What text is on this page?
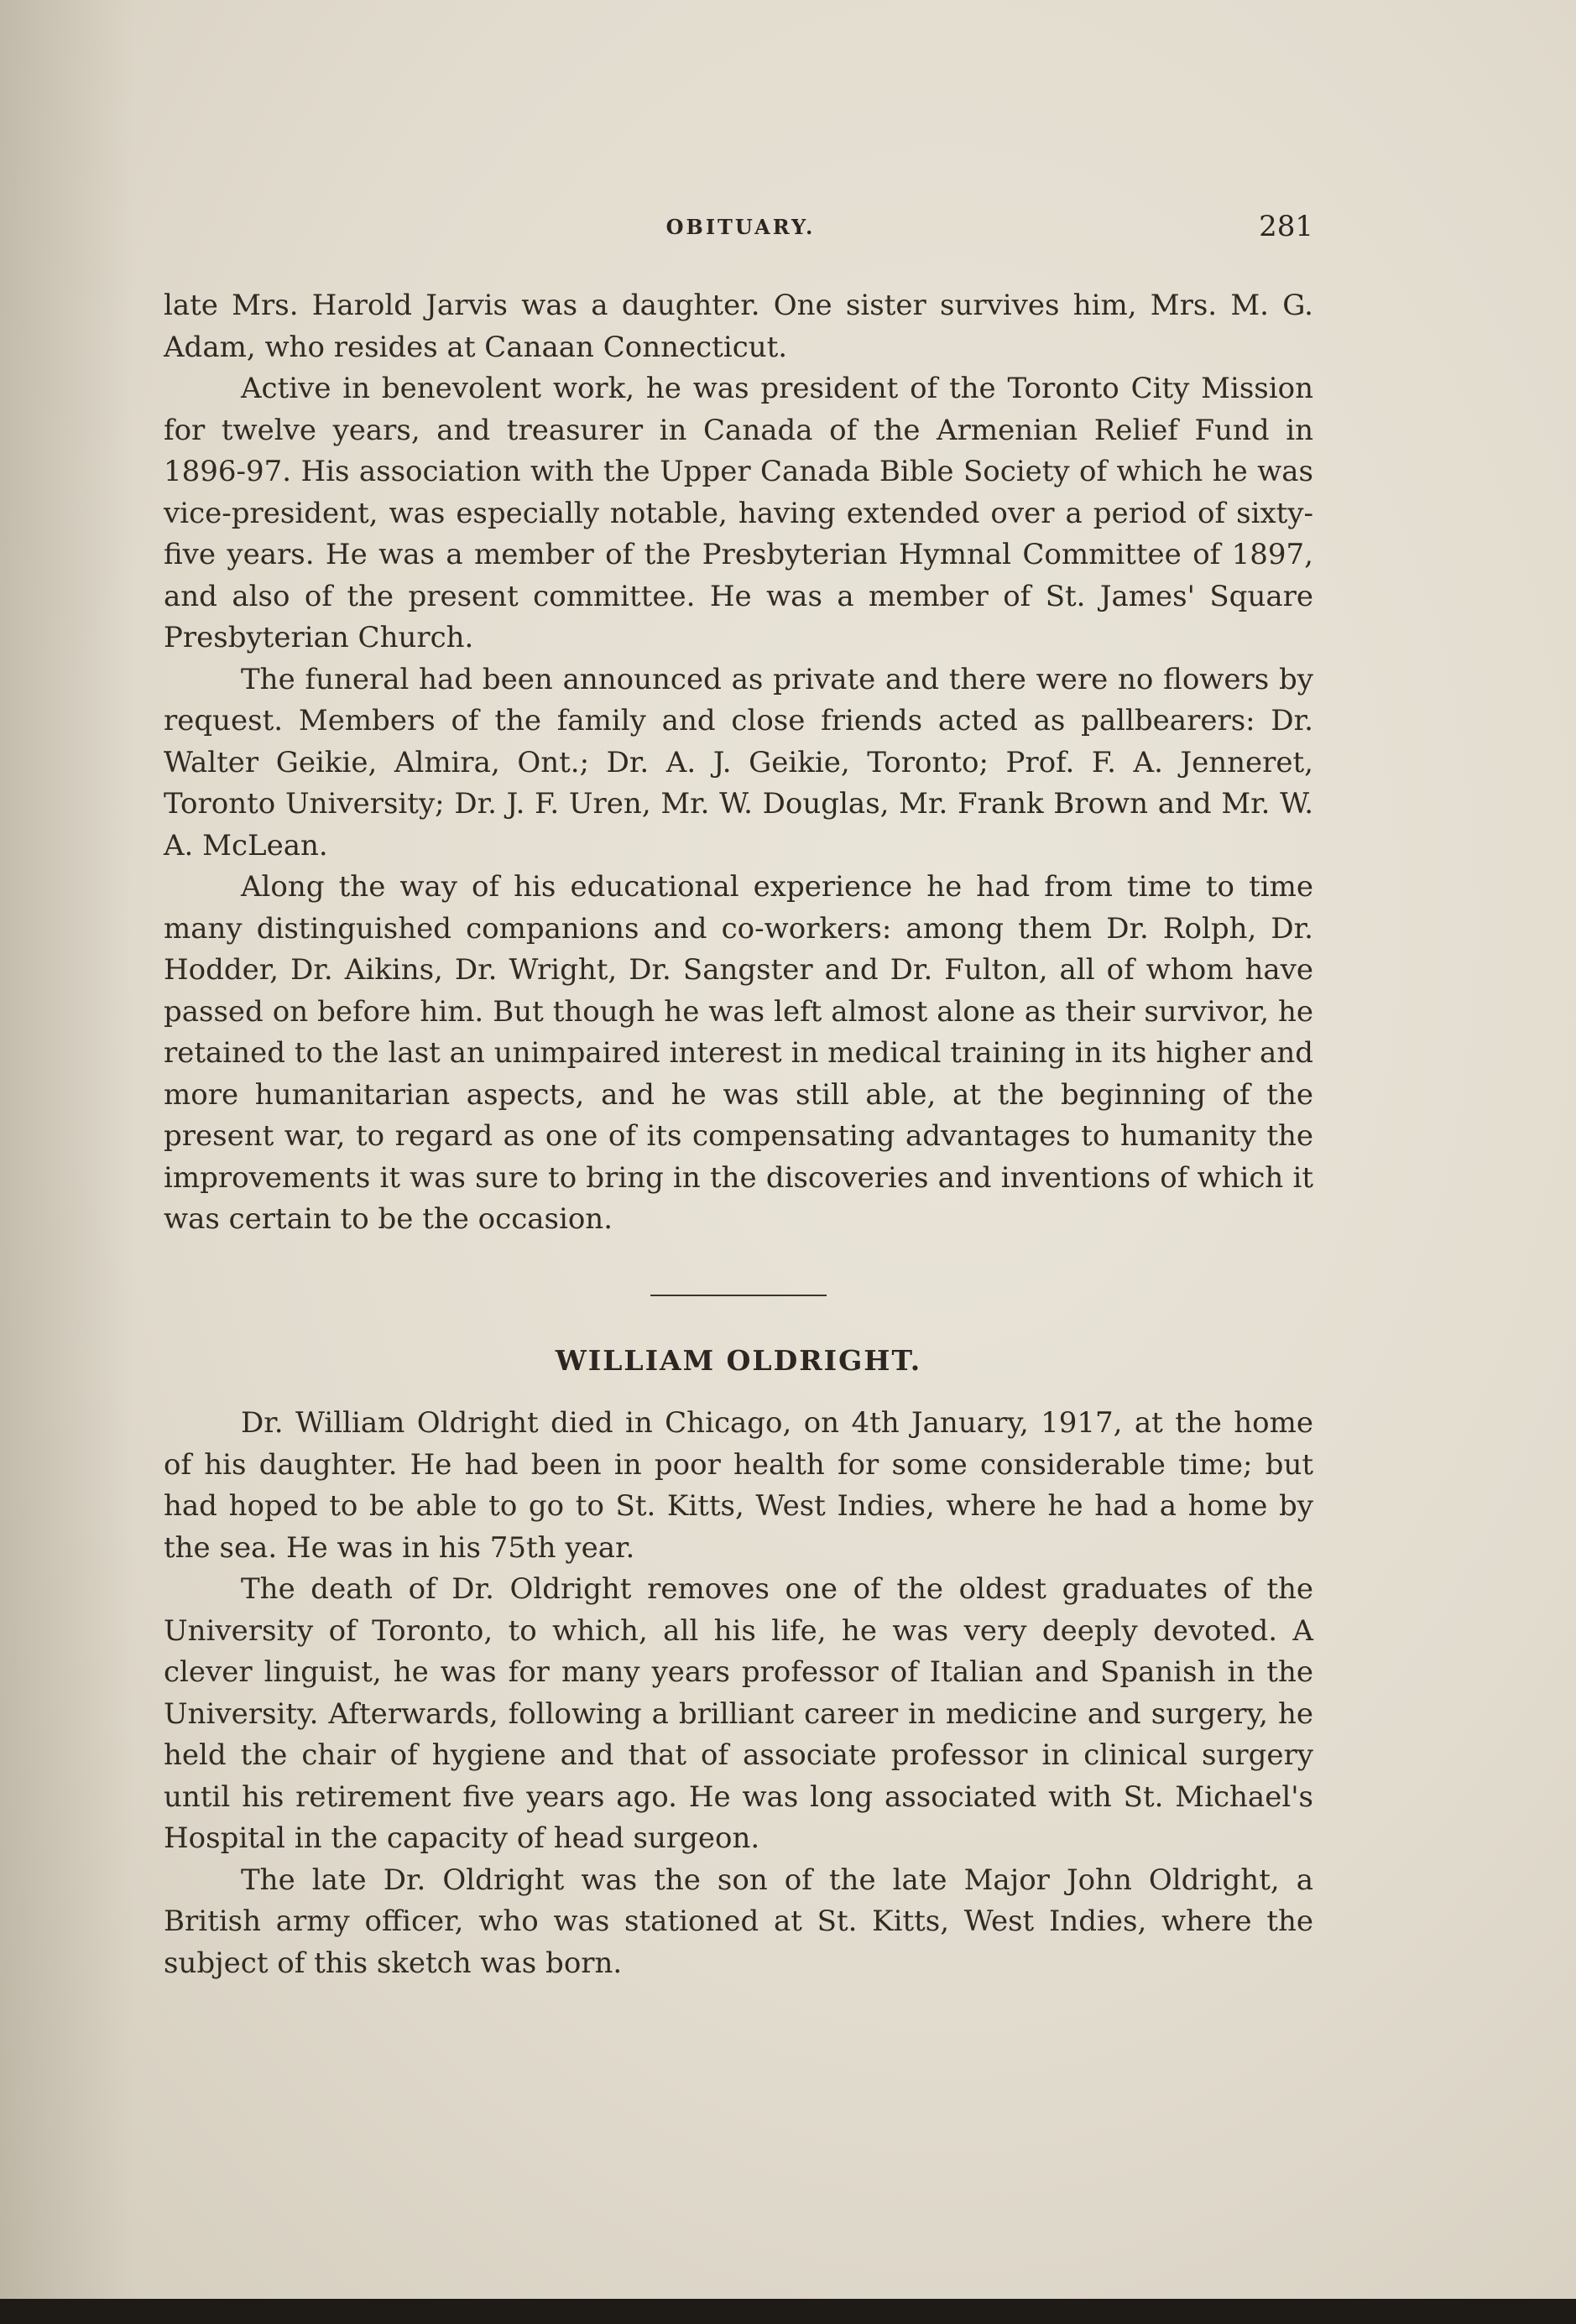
OBITUARY.	281

late Mrs. Harold Jarvis was a daughter. One sister survives him, Mrs. M. G. Adam, who resides at Canaan Connecticut.

Active in benevolent work, he was president of the Toronto City Mission for twelve years, and treasurer in Canada of the Armenian Relief Fund in 1896-97. His association with the Upper Canada Bible Society of which he was vice-president, was especially notable, having extended over a period of sixty-five years. He was a member of the Presbyterian Hymnal Committee of 1897, and also of the present committee. He was a member of St. James' Square Presbyterian Church.

The funeral had been announced as private and there were no flowers by request. Members of the family and close friends acted as pallbearers: Dr. Walter Geikie, Almira, Ont.; Dr. A. J. Geikie, Toronto; Prof. F. A. Jenneret, Toronto University; Dr. J. F. Uren, Mr. W. Douglas, Mr. Frank Brown and Mr. W. A. McLean.

Along the way of his educational experience he had from time to time many distinguished companions and co-workers: among them Dr. Rolph, Dr. Hodder, Dr. Aikins, Dr. Wright, Dr. Sangster and Dr. Fulton, all of whom have passed on before him. But though he was left almost alone as their survivor, he retained to the last an unimpaired interest in medical training in its higher and more humanitarian aspects, and he was still able, at the beginning of the present war, to regard as one of its compensating advantages to humanity the improvements it was sure to bring in the discoveries and inventions of which it was certain to be the occasion.

WILLIAM OLDRIGHT.

Dr. William Oldright died in Chicago, on 4th January, 1917, at the home of his daughter. He had been in poor health for some considerable time; but had hoped to be able to go to St. Kitts, West Indies, where he had a home by the sea. He was in his 75th year.

The death of Dr. Oldright removes one of the oldest graduates of the University of Toronto, to which, all his life, he was very deeply devoted. A clever linguist, he was for many years professor of Italian and Spanish in the University. Afterwards, following a brilliant career in medicine and surgery, he held the chair of hygiene and that of associate professor in clinical surgery until his retirement five years ago. He was long associated with St. Michael's Hospital in the capacity of head surgeon.

The late Dr. Oldright was the son of the late Major John Oldright, a British army officer, who was stationed at St. Kitts, West Indies, where the subject of this sketch was born.
